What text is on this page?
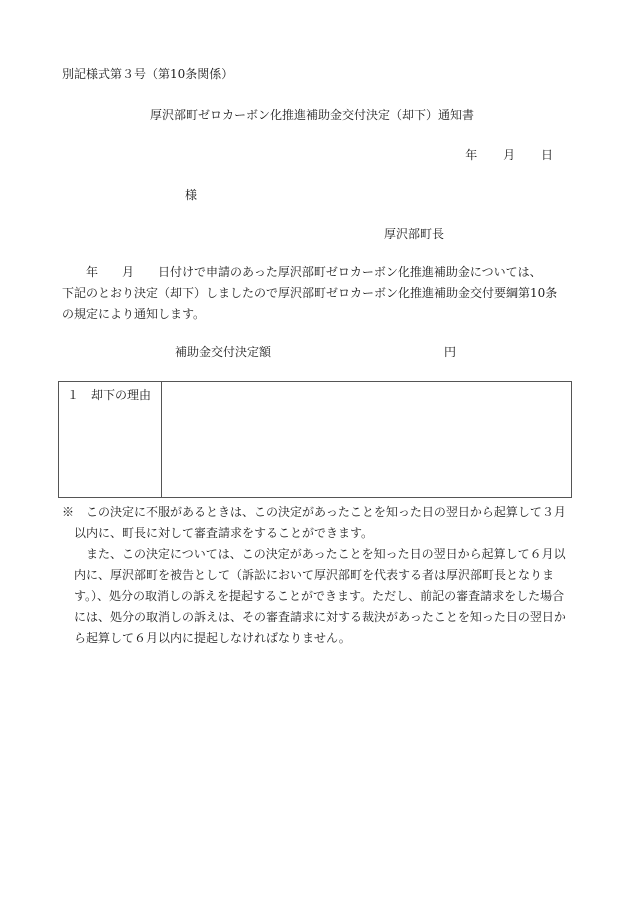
別記様式第３号（第10条関係）
厚沢部町ゼロカーボン化推進補助金交付決定（却下）通知書
年 月 日
様
厚沢部町長

　　年　　月　　日付けで申請のあった厚沢部町ゼロカーボン化推進補助金については、

下記のとおり決定（却下）しましたので厚沢部町ゼロカーボン化推進補助金交付要綱第10条

の規定により通知します。

補助金交付決定額	円
１　却下の理由

※　この決定に不服があるときは、この決定があったことを知った日の翌日から起算して３月以内に、町長に対して審査請求をすることができます。

また、この決定については、この決定があったことを知った日の翌日から起算して６月以内に、厚沢部町を被告として（訴訟において厚沢部町を代表する者は厚沢部町長となります。）、処分の取消しの訴えを提起することができます。ただし、前記の審査請求をした場合には、処分の取消しの訴えは、その審査請求に対する裁決があったことを知った日の翌日から起算して６月以内に提起しなければなりません。
